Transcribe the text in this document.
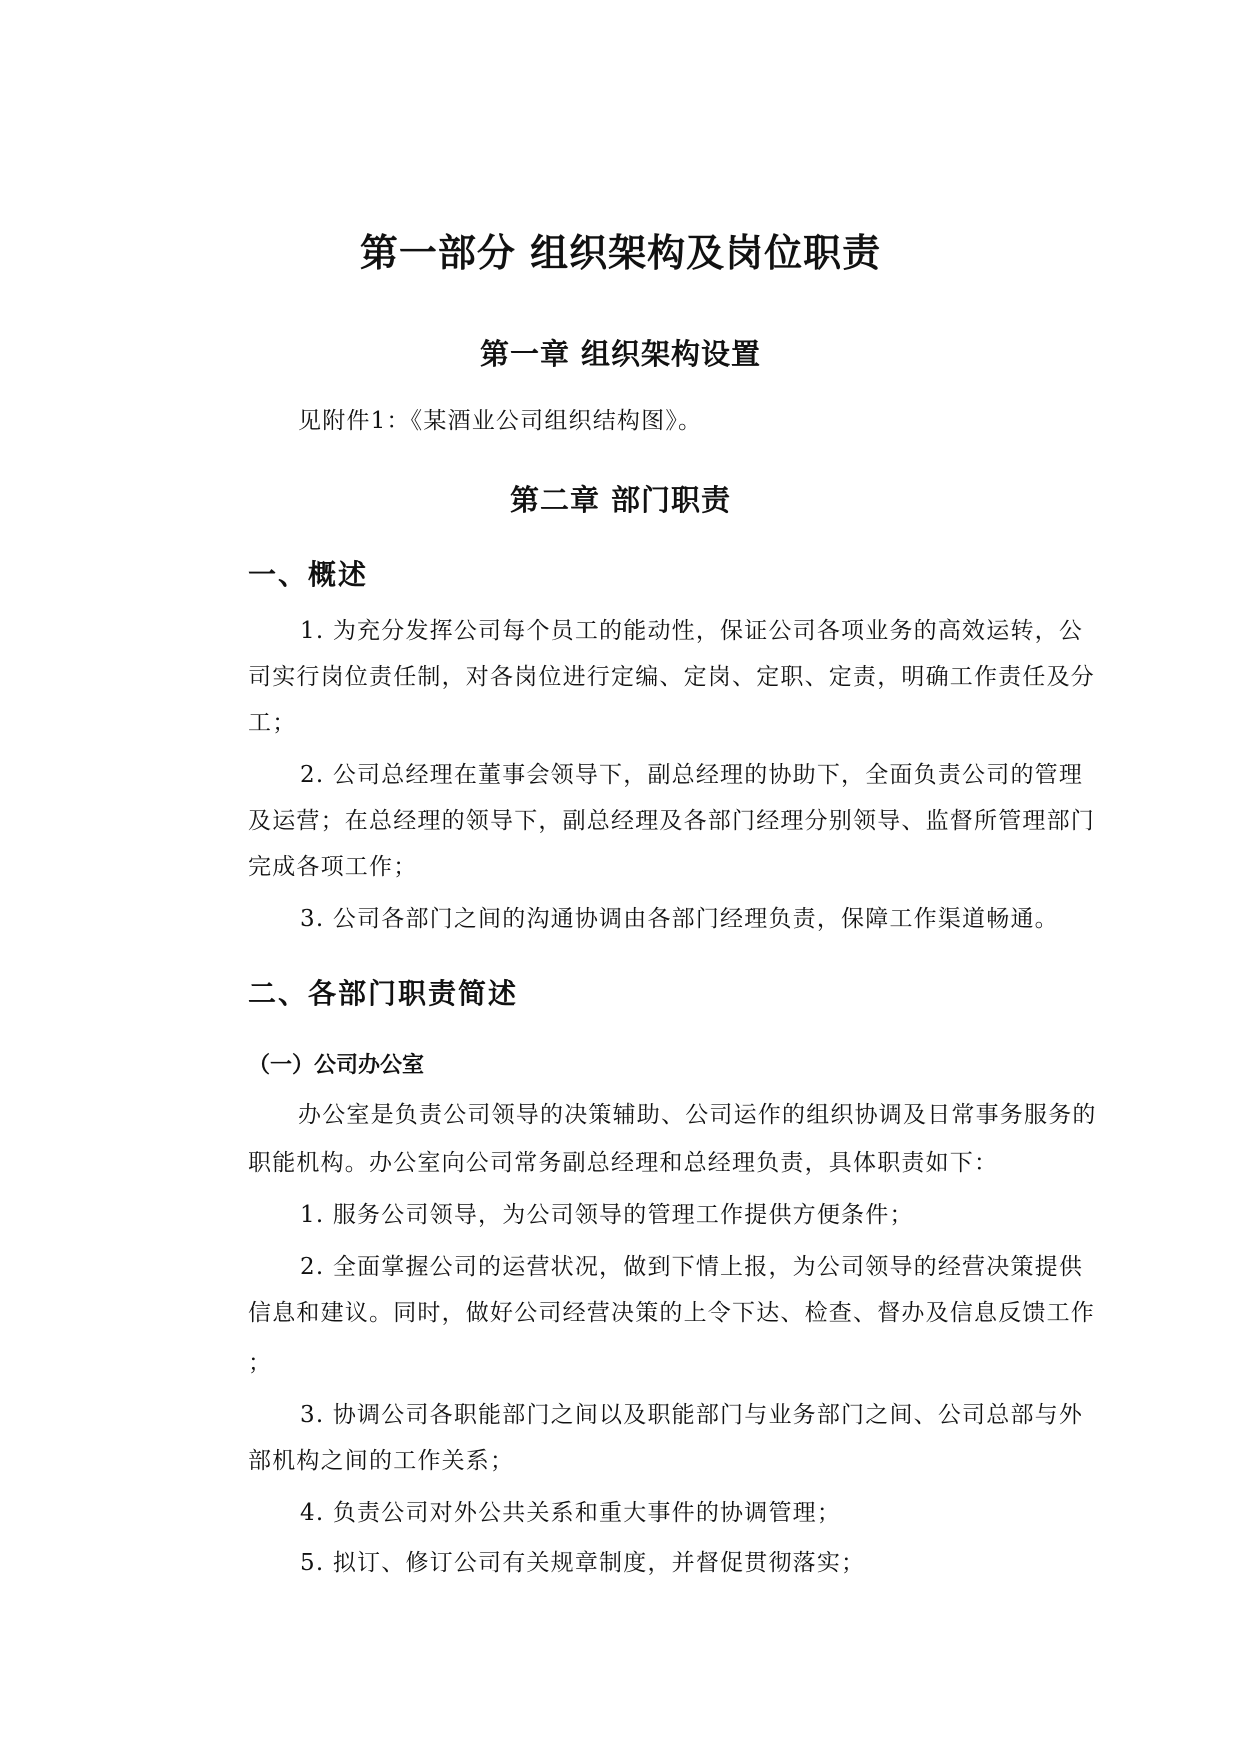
第一部分 组织架构及岗位职责
第一章 组织架构设置
见附件1：《某酒业公司组织结构图》。
第二章 部门职责
一、概述
1. 为充分发挥公司每个员工的能动性，保证公司各项业务的高效运转，公
司实行岗位责任制，对各岗位进行定编、定岗、定职、定责，明确工作责任及分
工；
2. 公司总经理在董事会领导下，副总经理的协助下，全面负责公司的管理
及运营；在总经理的领导下，副总经理及各部门经理分别领导、监督所管理部门
完成各项工作；
3. 公司各部门之间的沟通协调由各部门经理负责，保障工作渠道畅通。
二、各部门职责简述
（一）公司办公室
办公室是负责公司领导的决策辅助、公司运作的组织协调及日常事务服务的
职能机构。办公室向公司常务副总经理和总经理负责，具体职责如下：
1. 服务公司领导，为公司领导的管理工作提供方便条件；
2. 全面掌握公司的运营状况，做到下情上报，为公司领导的经营决策提供
信息和建议。同时，做好公司经营决策的上令下达、检查、督办及信息反馈工作
；
3. 协调公司各职能部门之间以及职能部门与业务部门之间、公司总部与外
部机构之间的工作关系；
4. 负责公司对外公共关系和重大事件的协调管理；
5. 拟订、修订公司有关规章制度，并督促贯彻落实；
